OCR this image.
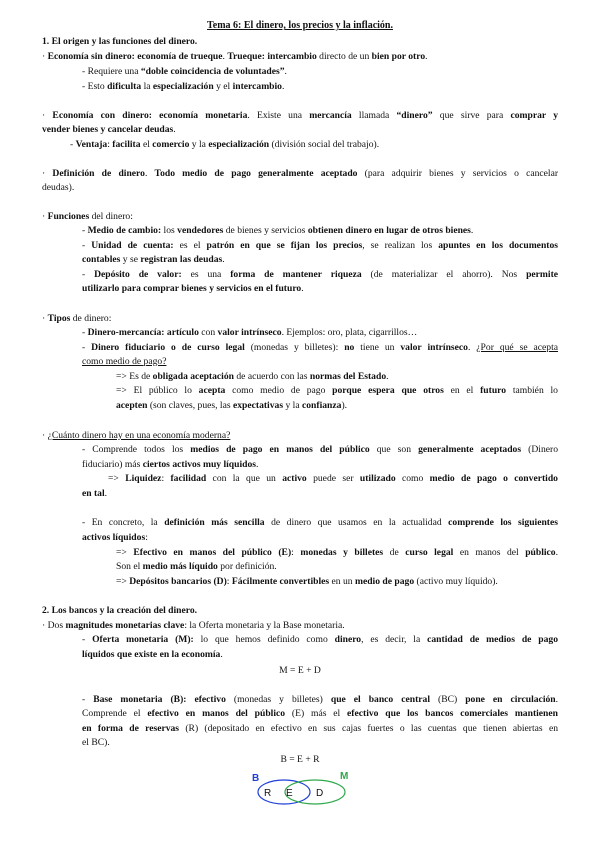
Tema 6: El dinero, los precios y la inflación.
1. El origen y las funciones del dinero.
· Economía sin dinero: economía de trueque. Trueque: intercambio directo de un bien por otro.
- Requiere una “doble coincidencia de voluntades”.
- Esto dificulta la especialización y el intercambio.
· Economía con dinero: economía monetaria. Existe una mercancía llamada “dinero” que sirve para comprar y
vender bienes y cancelar deudas.
- Ventaja: facilita el comercio y la especialización (división social del trabajo).
· Definición de dinero. Todo medio de pago generalmente aceptado (para adquirir bienes y servicios o cancelar
deudas).
· Funciones del dinero:
- Medio de cambio: los vendedores de bienes y servicios obtienen dinero en lugar de otros bienes.
- Unidad de cuenta: es el patrón en que se fijan los precios, se realizan los apuntes en los documentos
contables y se registran las deudas.
- Depósito de valor: es una forma de mantener riqueza (de materializar el ahorro). Nos permite
utilizarlo para comprar bienes y servicios en el futuro.
· Tipos de dinero:
- Dinero-mercancía: artículo con valor intrínseco. Ejemplos: oro, plata, cigarrillos…
- Dinero fiduciario o de curso legal (monedas y billetes): no tiene un valor intrínseco. ¿Por qué se acepta
como medio de pago?
=> Es de obligada aceptación de acuerdo con las normas del Estado.
=> El público lo acepta como medio de pago porque espera que otros en el futuro también lo
acepten (son claves, pues, las expectativas y la confianza).
· ¿Cuánto dinero hay en una economía moderna?
- Comprende todos los medios de pago en manos del público que son generalmente aceptados (Dinero
fiduciario) más ciertos activos muy líquidos.
=> Liquidez: facilidad con la que un activo puede ser utilizado como medio de pago o convertido
en tal.
- En concreto, la definición más sencilla de dinero que usamos en la actualidad comprende los siguientes
activos líquidos:
=> Efectivo en manos del público (E): monedas y billetes de curso legal en manos del público.
Son el medio más líquido por definición.
=> Depósitos bancarios (D): Fácilmente convertibles en un medio de pago (activo muy líquido).
2. Los bancos y la creación del dinero.
· Dos magnitudes monetarias clave: la Oferta monetaria y la Base monetaria.
- Oferta monetaria (M): lo que hemos definido como dinero, es decir, la cantidad de medios de pago
líquidos que existe en la economía.
M = E + D
- Base monetaria (B): efectivo (monedas y billetes) que el banco central (BC) pone en circulación.
Comprende el efectivo en manos del público (E) más el efectivo que los bancos comerciales mantienen
en forma de reservas (R) (depositado en efectivo en sus cajas fuertes o las cuentas que tienen abiertas en
el BC).
B = E + R
B	M
R E D
